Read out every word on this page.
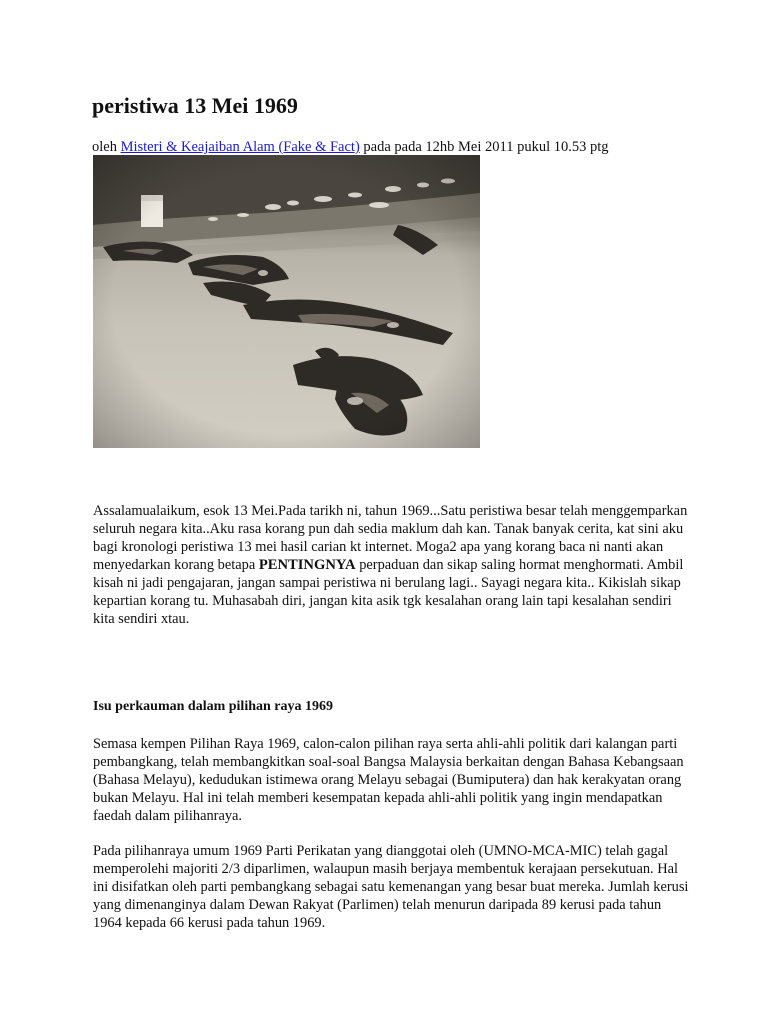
peristiwa 13 Mei 1969
oleh Misteri & Keajaiban Alam (Fake & Fact) pada pada 12hb Mei 2011 pukul 10.53 ptg

Assalamualaikum, esok 13 Mei.Pada tarikh ni, tahun 1969...Satu peristiwa besar telah menggemparkan seluruh negara kita..Aku rasa korang pun dah sedia maklum dah kan. Tanak banyak cerita, kat sini aku bagi kronologi peristiwa 13 mei hasil carian kt internet. Moga2 apa yang korang baca ni nanti akan menyedarkan korang betapa PENTINGNYA perpaduan dan sikap saling hormat menghormati. Ambil kisah ni jadi pengajaran, jangan sampai peristiwa ni berulang lagi.. Sayagi negara kita.. Kikislah sikap kepartian korang tu. Muhasabah diri, jangan kita asik tgk kesalahan orang lain tapi kesalahan sendiri kita sendiri xtau.

Isu perkauman dalam pilihan raya 1969

Semasa kempen Pilihan Raya 1969, calon-calon pilihan raya serta ahli-ahli politik dari kalangan parti pembangkang, telah membangkitkan soal-soal Bangsa Malaysia berkaitan dengan Bahasa Kebangsaan (Bahasa Melayu), kedudukan istimewa orang Melayu sebagai (Bumiputera) dan hak kerakyatan orang bukan Melayu. Hal ini telah memberi kesempatan kepada ahli-ahli politik yang ingin mendapatkan faedah dalam pilihanraya.

Pada pilihanraya umum 1969 Parti Perikatan yang dianggotai oleh (UMNO-MCA-MIC) telah gagal memperolehi majoriti 2/3 diparlimen, walaupun masih berjaya membentuk kerajaan persekutuan. Hal ini disifatkan oleh parti pembangkang sebagai satu kemenangan yang besar buat mereka. Jumlah kerusi yang dimenanginya dalam Dewan Rakyat (Parlimen) telah menurun daripada 89 kerusi pada tahun 1964 kepada 66 kerusi pada tahun 1969.
